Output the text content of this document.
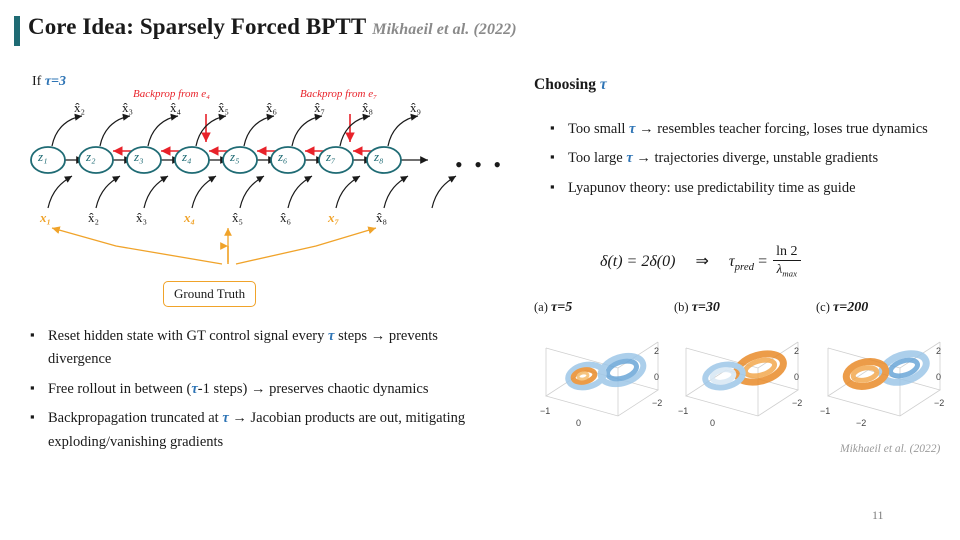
Core Idea: Sparsely Forced BPTT Mikhaeil et al. (2022)
If τ=3
Backprop from e₄	Backprop from e₇
z₁	z₂	z₃	z₄	z₅	z₆	z₇	z₈
x̂₂	x̂₃	x̂₄	x̂₅	x̂₆	x̂₇	x̂₈	x̂₉
x₁	x̂₂	x̂₃	x₄	x̂₅	x̂₆	x₇	x̂₈
• • •
Ground Truth
▪ Reset hidden state with GT control signal every τ steps → prevents divergence
▪ Free rollout in between (τ-1 steps) → preserves chaotic dynamics
▪ Backpropagation truncated at τ → Jacobian products are out, mitigating exploding/vanishing gradients
Choosing τ
▪ Too small τ → resembles teacher forcing, loses true dynamics
▪ Too large τ → trajectories diverge, unstable gradients
▪ Lyapunov theory: use predictability time as guide
δ(t) = 2δ(0) ⇒ $\tau_{pred} = \frac{\ln 2}{\lambda_{max}}$
(a) τ=5
2
0
−2
−1
0
(b) τ=30
2
0
−2
−1
0
(c) τ=200
2
0
−2
−1
−2
Mikhaeil et al. (2022)
11
